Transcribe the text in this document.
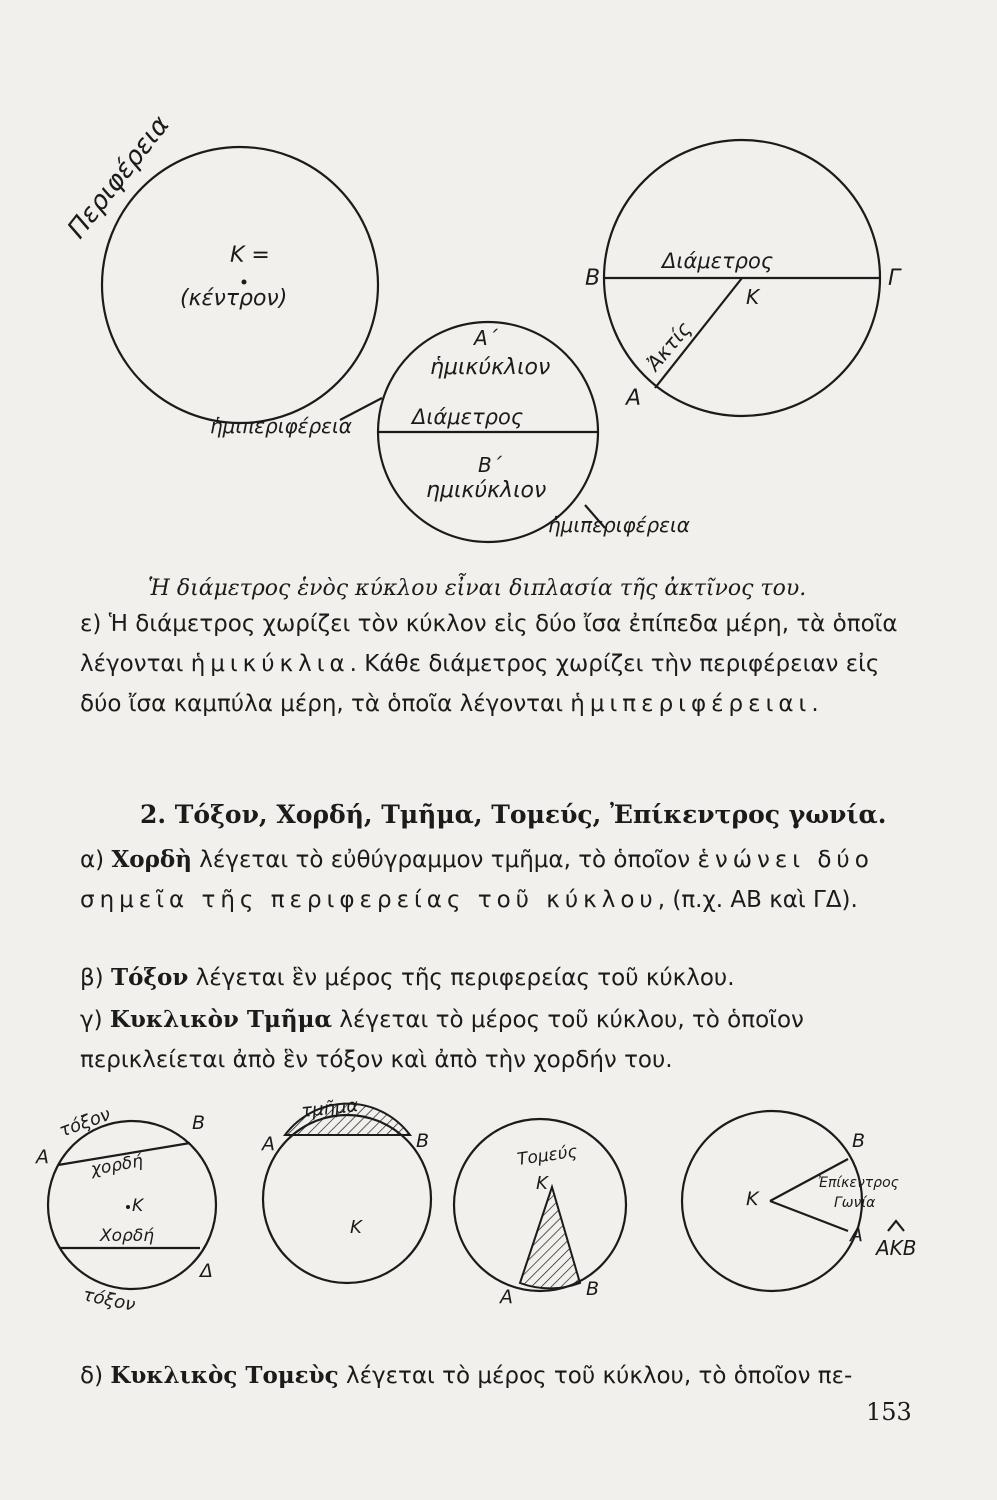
Περιφέρεια
Κ =
(κέντρον)
Α΄
ἡμικύκλιον
ἡμιπεριφέρεια	Διάμετρος
Β΄
ημικύκλιον
ἡμιπεριφέρεια
Β
Διάμετρος
Γ
Κ
Ἀκτίς
Α
Ἡ διάμετρος ἑνὸς κύκλου εἶναι διπλασία τῆς ἀκτῖνος του.
ε) Ἡ διάμετρος χωρίζει τὸν κύκλον εἰς δύο ἴσα ἐπίπεδα μέρη, τὰ ὁποῖα λέγονται ἡμικύκλια. Κάθε διάμετρος χωρίζει τὴν περιφέρειαν εἰς δύο ἴσα καμπύλα μέρη, τὰ ὁποῖα λέγονται ἡμιπεριφέρειαι.
2. Τόξον, Χορδή, Τμῆμα, Τομεύς, Ἐπίκεντρος γωνία.
α) Χορδὴ λέγεται τὸ εὐθύγραμμον τμῆμα, τὸ ὁποῖον ἑνώνει δύο σημεῖα τῆς περιφερείας τοῦ κύκλου, (π.χ. ΑΒ καὶ ΓΔ).
β) Τόξον λέγεται ἓν μέρος τῆς περιφερείας τοῦ κύκλου.
γ) Κυκλικὸν Τμῆμα λέγεται τὸ μέρος τοῦ κύκλου, τὸ ὁποῖον περικλείεται ἀπὸ ἓν τόξον καὶ ἀπὸ τὴν χορδήν του.
τόξον
Α
Β
χορδή
Κ
Χορδή
Δ
τόξον
τμῆμα
Α	Β
Κ
Τομεύς
Κ
Α	Β
Β
Κ
Ἐπίκεντρος
Γωνία
Α
ΑΚΒ
δ) Κυκλικὸς Τομεὺς λέγεται τὸ μέρος τοῦ κύκλου, τὸ ὁποῖον πε-
153
